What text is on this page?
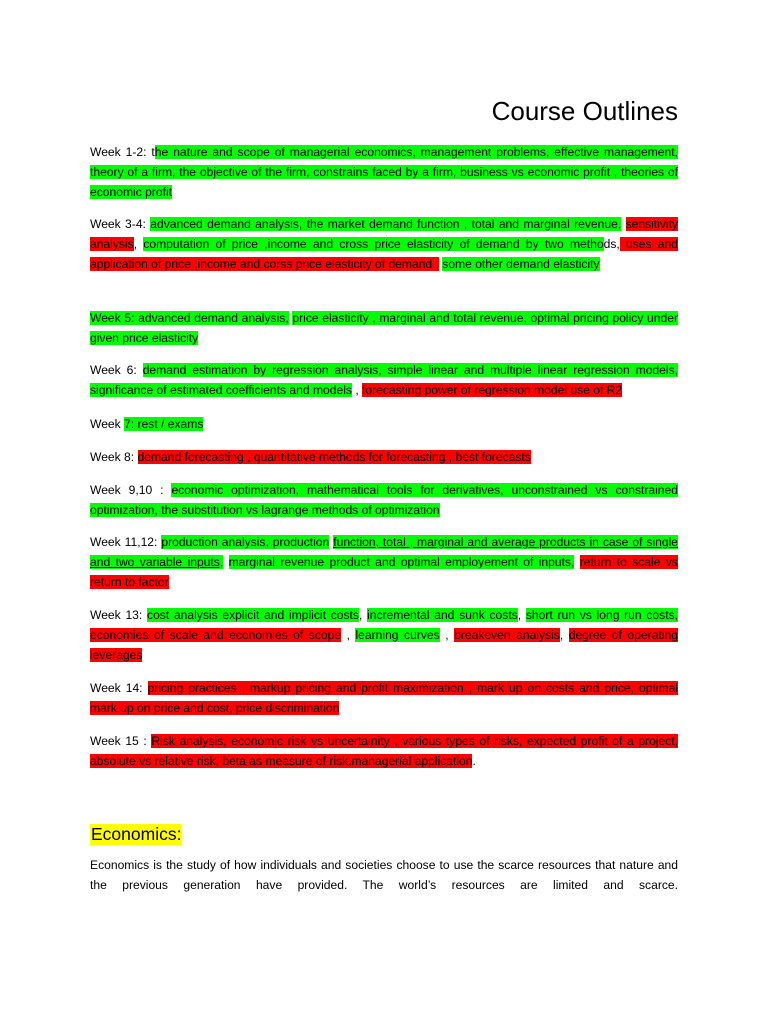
Course Outlines
Week 1-2: the nature and scope of managerial economics, management problems, effective management, theory of a firm, the objective of the firm, constrains faced by a firm, business vs economic profit , theories of economic profit
Week 3-4: advanced demand analysis, the market demand function , total and marginal revenue, sensitivity analysis, computation of price ,income and cross price elasticity of demand by two methods, uses and application of price ,income and corss price elasticity of demand , some other demand elasticity
Week 5: advanced demand analysis, price elasticity , marginal and total revenue, optimal pricing policy under given price elasticity
Week 6: demand estimation by regression analysis, simple linear and multiple linear regression models, significance of estimated coefficients and models , forecasting power of regression model use of R2
Week 7: rest / exams
Week 8: demand forecasting , quantitative methods for forecasting , best forecasts
Week 9,10 : economic optimization, mathematical tools for derivatives, unconstrained vs constrained optimization, the substitution vs lagrange methods of optimization
Week 11,12: production analysis, production function, total , marginal and average products in case of single and two variable inputs, marginal revenue product and optimal employement of inputs, return to scale vs return to factor
Week 13: cost analysis explicit and implicit costs, incremental and sunk costs, short run vs long run costs, economies of scale and economies of scope , learning curves , breakeven analysis, degree of operating leverages
Week 14: pricing practices , markup pricing and profit maximization , mark up on costs and price, optimal mark up on price and cost, price discrimination
Week 15 : Risk analysis, economic risk vs uncertainity , various types of risks, expected profit of a project, absolute vs relative risk, beta as measure of risk,managerial application.
Economics:
Economics is the study of how individuals and societies choose to use the scarce resources that nature and the previous generation have provided. The world’s resources are limited and scarce.
